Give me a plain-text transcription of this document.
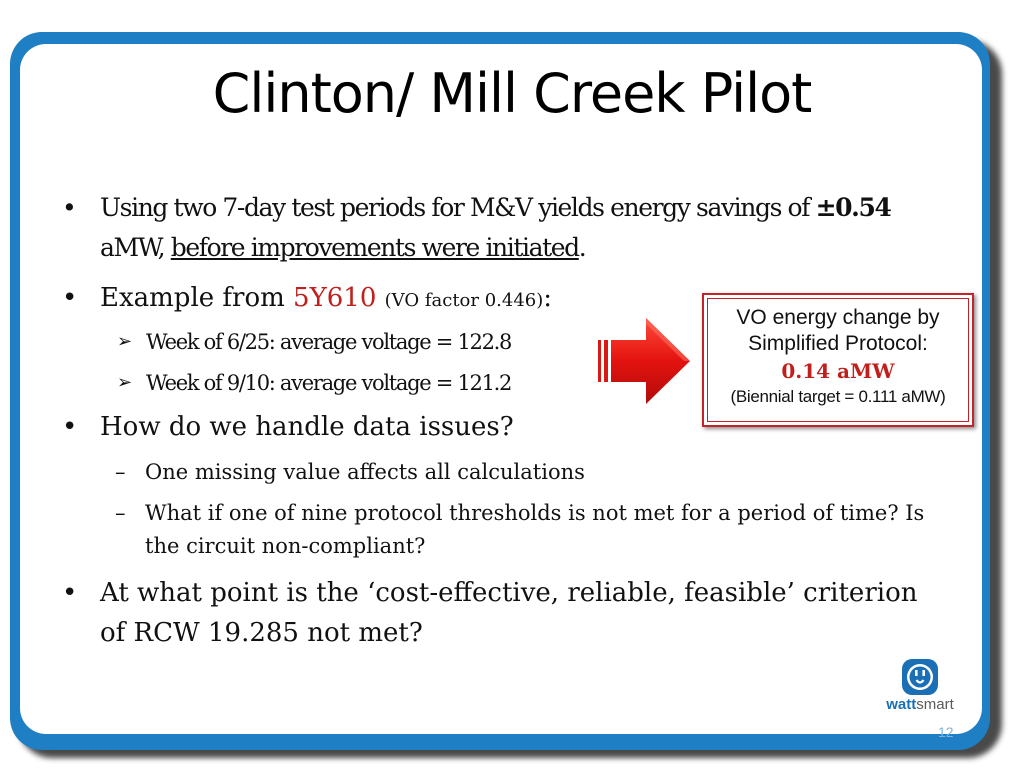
Clinton/ Mill Creek Pilot
• Using two 7-day test periods for M&V yields energy savings of ±0.54 aMW, before improvements were initiated.
• Example from 5Y610 (VO factor 0.446):
➢ Week of 6/25: average voltage = 122.8
➢ Week of 9/10: average voltage = 121.2
VO energy change by
Simplified Protocol:
0.14 aMW
(Biennial target = 0.111 aMW)
• How do we handle data issues?
– One missing value affects all calculations
– What if one of nine protocol thresholds is not met for a period of time? Is the circuit non-compliant?
• At what point is the ‘cost-effective, reliable, feasible’ criterion of RCW 19.285 not met?
wattsmart
12
